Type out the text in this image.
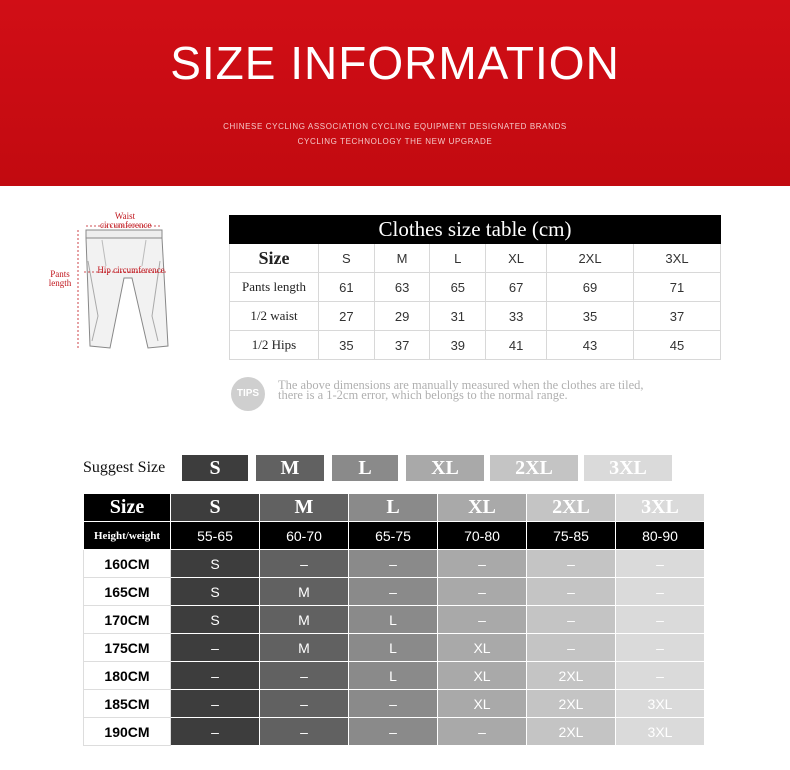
SIZE INFORMATION
CHINESE CYCLING ASSOCIATION CYCLING EQUIPMENT DESIGNATED BRANDS
CYCLING TECHNOLOGY THE NEW UPGRADE
Waist
circumference
Hip circumference
Pants
length
Clothes size table (cm)						
Size	S	M	L	XL	2XL	3XL
Pants length	61	63	65	67	69	71
1/2 waist	27	29	31	33	35	37
1/2 Hips	35	37	39	41	43	45
TIPS
The above dimensions are manually measured when the clothes are tiled,
there is a 1-2cm error, which belongs to the normal range.
Suggest Size	S	M	L	XL	2XL	3XL
Size	S	M	L	XL	2XL	3XL
Height/weight	55-65	60-70	65-75	70-80	75-85	80-90
160CM	S	–	–	–	–	–
165CM	S	M	–	–	–	–
170CM	S	M	L	–	–	–
175CM	–	M	L	XL	–	–
180CM	–	–	L	XL	2XL	–
185CM	–	–	–	XL	2XL	3XL
190CM	–	–	–	–	2XL	3XL
